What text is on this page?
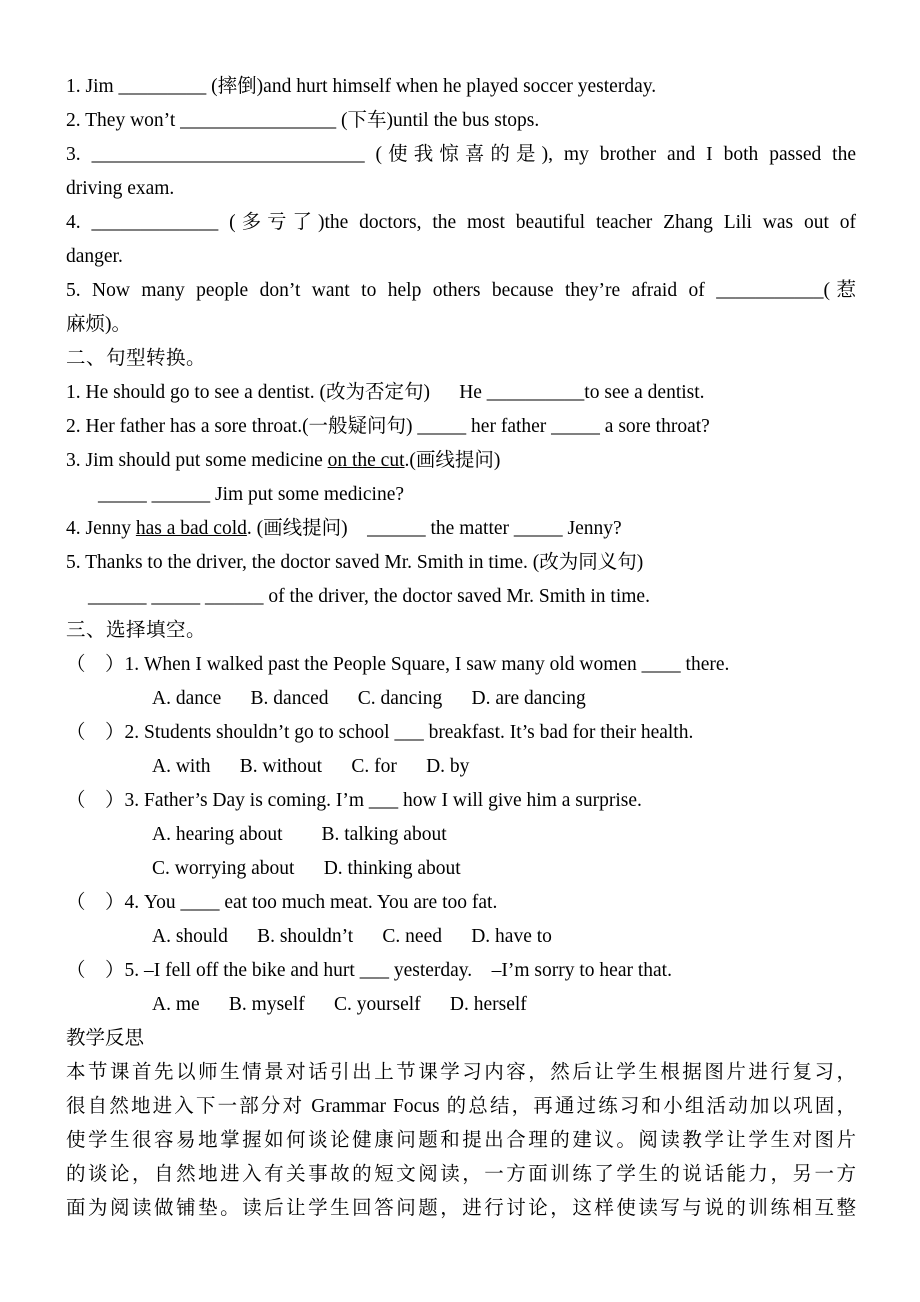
1. Jim _________ (摔倒)and hurt himself when he played soccer yesterday.
2. They won’t ________________ (下车)until the bus stops.
3. ____________________________ (使我惊喜的是), my brother and I both passed the
driving exam.
4. _____________ (多亏了)the doctors, the most beautiful teacher Zhang Lili was out of
danger.
5. Now many people don’t want to help others because they’re afraid of ___________(惹
麻烦)。
二、句型转换。
1. He should go to see a dentist. (改为否定句)      He __________to see a dentist.
2. Her father has a sore throat.(一般疑问句) _____ her father _____ a sore throat?
3. Jim should put some medicine on the cut.(画线提问)
_____ ______ Jim put some medicine?
4. Jenny has a bad cold. (画线提问)    ______ the matter _____ Jenny?
5. Thanks to the driver, the doctor saved Mr. Smith in time. (改为同义句)
______ _____ ______ of the driver, the doctor saved Mr. Smith in time.
三、选择填空。
（    ）1. When I walked past the People Square, I saw many old women ____ there.
A. dance      B. danced      C. dancing      D. are dancing
（    ）2. Students shouldn’t go to school ___ breakfast. It’s bad for their health.
A. with      B. without      C. for      D. by
（    ）3. Father’s Day is coming. I’m ___ how I will give him a surprise.
A. hearing about        B. talking about
C. worrying about      D. thinking about
（    ）4. You ____ eat too much meat. You are too fat.
A. should      B. shouldn’t      C. need      D. have to
（    ）5. –I fell off the bike and hurt ___ yesterday.    –I’m sorry to hear that.
A. me      B. myself      C. yourself      D. herself
教学反思
本节课首先以师生情景对话引出上节课学习内容，然后让学生根据图片进行复习，
很自然地进入下一部分对 Grammar Focus 的总结，再通过练习和小组活动加以巩固，
使学生很容易地掌握如何谈论健康问题和提出合理的建议。阅读教学让学生对图片
的谈论，自然地进入有关事故的短文阅读，一方面训练了学生的说话能力，另一方
面为阅读做铺垫。读后让学生回答问题，进行讨论，这样使读写与说的训练相互整
